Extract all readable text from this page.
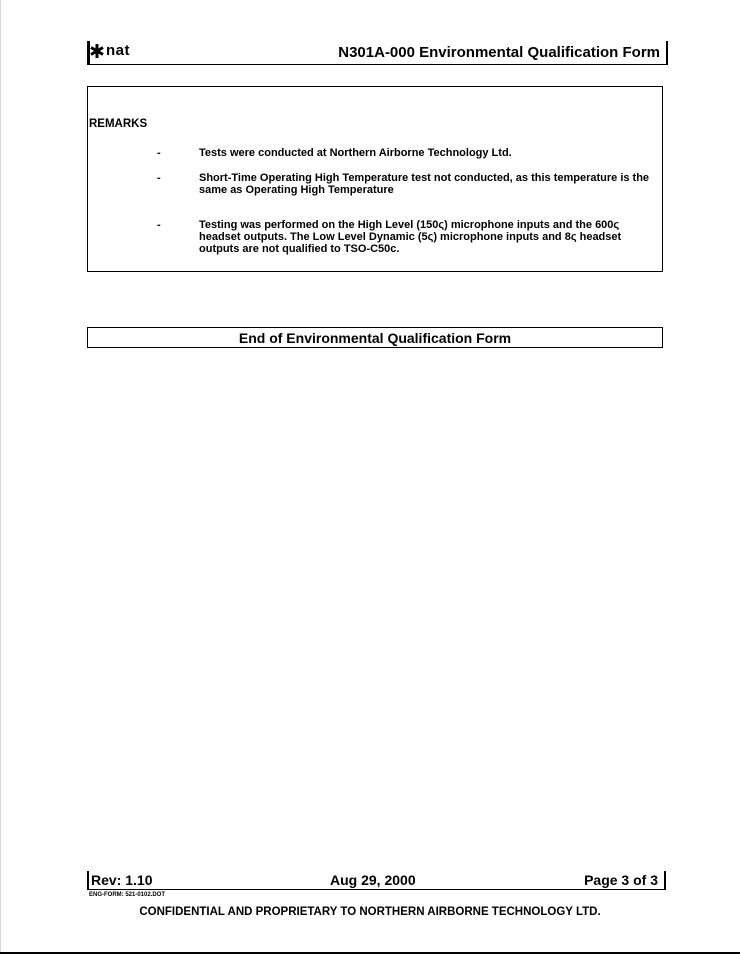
nat	N301A-000 Environmental Qualification Form
REMARKS
-	Tests were conducted at Northern Airborne Technology Ltd.
-	Short-Time Operating High Temperature test not conducted, as this temperature is the same as Operating High Temperature
-	Testing was performed on the High Level (150ς) microphone inputs and the 600ς headset outputs. The Low Level Dynamic (5ς) microphone inputs and 8ς headset outputs are not qualified to TSO-C50c.
End of Environmental Qualification Form
Rev: 1.10	Aug 29, 2000	Page 3 of 3
ENG-FORM: 521-0102.DOT
CONFIDENTIAL AND PROPRIETARY TO NORTHERN AIRBORNE TECHNOLOGY LTD.
